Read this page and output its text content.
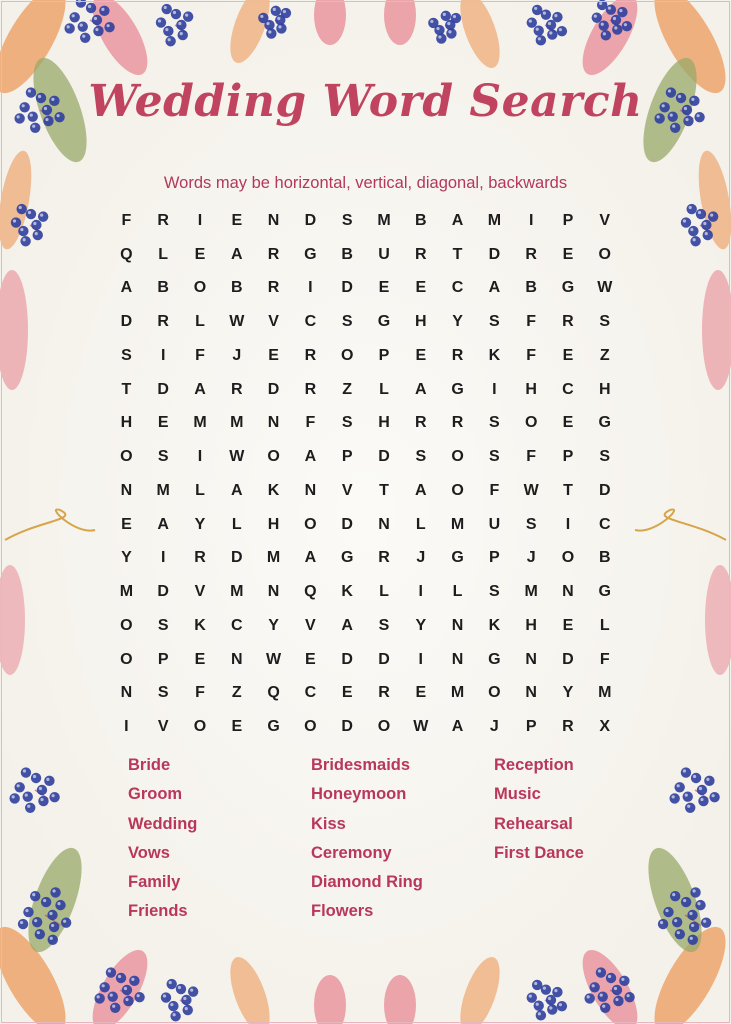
Wedding Word Search
Words may be horizontal, vertical, diagonal, backwards
F	R	I	E	N	D	S	M	B	A	M	I	P	V
Q	L	E	A	R	G	B	U	R	T	D	R	E	O
A	B	O	B	R	I	D	E	E	C	A	B	G	W
D	R	L	W	V	C	S	G	H	Y	S	F	R	S
S	I	F	J	E	R	O	P	E	R	K	F	E	Z
T	D	A	R	D	R	Z	L	A	G	I	H	C	H
H	E	M	M	N	F	S	H	R	R	S	O	E	G
O	S	I	W	O	A	P	D	S	O	S	F	P	S
N	M	L	A	K	N	V	T	A	O	F	W	T	D
E	A	Y	L	H	O	D	N	L	M	U	S	I	C
Y	I	R	D	M	A	G	R	J	G	P	J	O	B
M	D	V	M	N	Q	K	L	I	L	S	M	N	G
O	S	K	C	Y	V	A	S	Y	N	K	H	E	L
O	P	E	N	W	E	D	D	I	N	G	N	D	F
N	S	F	Z	Q	C	E	R	E	M	O	N	Y	M
I	V	O	E	G	O	D	O	W	A	J	P	R	X
Bride
Groom
Wedding
Vows
Family
Friends
Bridesmaids
Honeymoon
Kiss
Ceremony
Diamond Ring
Flowers
Reception
Music
Rehearsal
First Dance
